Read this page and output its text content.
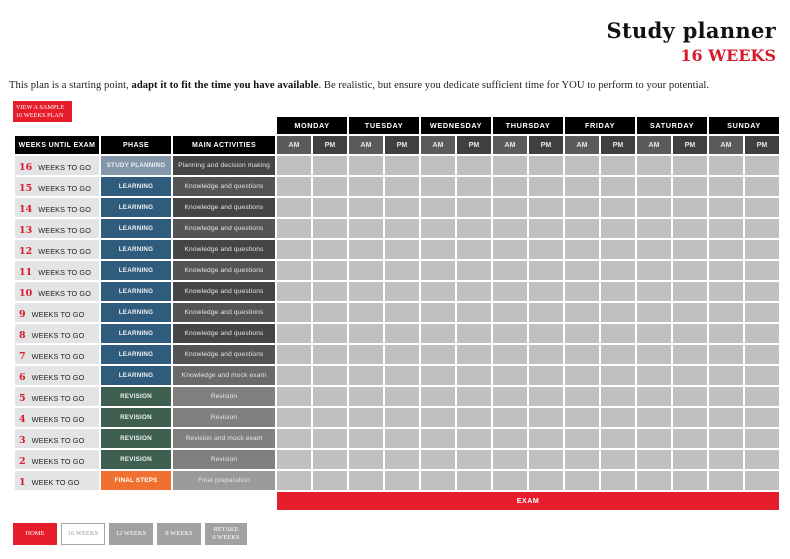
Study planner
16 WEEKS
This plan is a starting point, adapt it to fit the time you have available. Be realistic, but ensure you dedicate sufficient time for YOU to perform to your potential.
VIEW A SAMPLE
16 WEEKS PLAN
			MONDAY		TUESDAY		WEDNESDAY		THURSDAY		FRIDAY		SATURDAY		SUNDAY	
WEEKS UNTIL EXAM	PHASE	MAIN ACTIVITIES	AM	PM	AM	PM	AM	PM	AM	PM	AM	PM	AM	PM	AM	PM
16 WEEKS TO GO	STUDY PLANNING	Planning and decision making	-	-	-	-	-	-	-	-	-	-	-	-	-	-
15 WEEKS TO GO	LEARNING	Knowledge and questions	-	-	-	-	-	-	-	-	-	-	-	-	-	-
14 WEEKS TO GO	LEARNING	Knowledge and questions	-	-	-	-	-	-	-	-	-	-	-	-	-	-
13 WEEKS TO GO	LEARNING	Knowledge and questions	-	-	-	-	-	-	-	-	-	-	-	-	-	-
12 WEEKS TO GO	LEARNING	Knowledge and questions	-	-	-	-	-	-	-	-	-	-	-	-	-	-
11 WEEKS TO GO	LEARNING	Knowledge and questions	-	-	-	-	-	-	-	-	-	-	-	-	-	-
10 WEEKS TO GO	LEARNING	Knowledge and questions	-	-	-	-	-	-	-	-	-	-	-	-	-	-
9 WEEKS TO GO	LEARNING	Knowledge and questions	-	-	-	-	-	-	-	-	-	-	-	-	-	-
8 WEEKS TO GO	LEARNING	Knowledge and questions	-	-	-	-	-	-	-	-	-	-	-	-	-	-
7 WEEKS TO GO	LEARNING	Knowledge and questions	-	-	-	-	-	-	-	-	-	-	-	-	-	-
6 WEEKS TO GO	LEARNING	Knowledge and mock exam	-	-	-	-	-	-	-	-	-	-	-	-	-	-
5 WEEKS TO GO	REVISION	Revision	-	-	-	-	-	-	-	-	-	-	-	-	-	-
4 WEEKS TO GO	REVISION	Revision	-	-	-	-	-	-	-	-	-	-	-	-	-	-
3 WEEKS TO GO	REVISION	Revision and mock exam	-	-	-	-	-	-	-	-	-	-	-	-	-	-
2 WEEKS TO GO	REVISION	Revision	-	-	-	-	-	-	-	-	-	-	-	-	-	-
1 WEEK TO GO	FINAL STEPS	Final preparation	-	-	-	-	-	-	-	-	-	-	-	-	-	-
			EXAM													
HOME	16 WEEKS	12 WEEKS	8 WEEKS
RETAKE
6 WEEKS
